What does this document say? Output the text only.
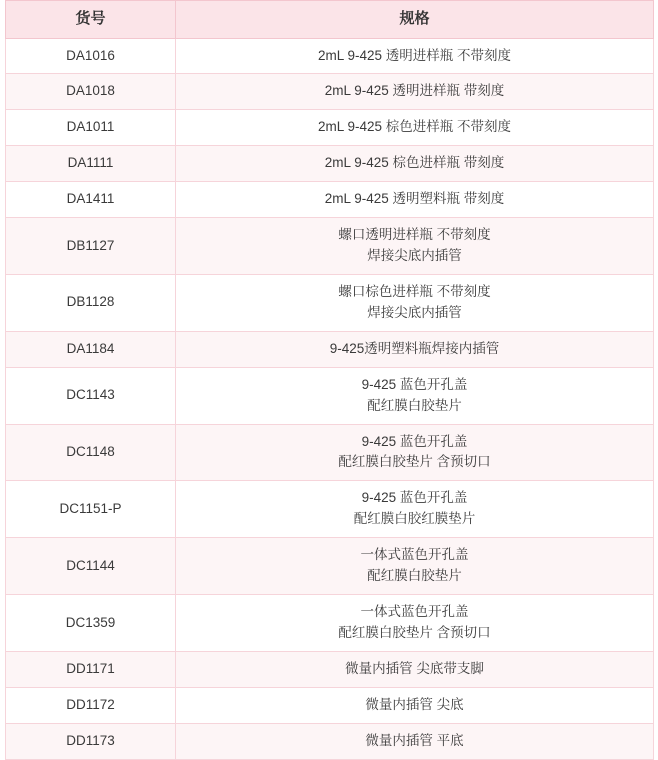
货号	规格
DA1016	2mL 9-425 透明进样瓶 不带刻度

DA1018	2mL 9-425 透明进样瓶 带刻度

DA1011	2mL 9-425 棕色进样瓶 不带刻度

DA1111	2mL 9-425 棕色进样瓶 带刻度

DA1411	2mL 9-425 透明塑料瓶 带刻度

DB1127	螺口透明进样瓶 不带刻度
焊接尖底内插管

DB1128	螺口棕色进样瓶 不带刻度
焊接尖底内插管

DA1184	9-425透明塑料瓶焊接内插管

DC1143	9-425 蓝色开孔盖
配红膜白胶垫片

DC1148	9-425 蓝色开孔盖
配红膜白胶垫片 含预切口

DC1151-P	9-425 蓝色开孔盖
配红膜白胶红膜垫片

DC1144	一体式蓝色开孔盖
配红膜白胶垫片

DC1359	一体式蓝色开孔盖
配红膜白胶垫片 含预切口

DD1171	微量内插管 尖底带支脚

DD1172	微量内插管 尖底

DD1173	微量内插管 平底
